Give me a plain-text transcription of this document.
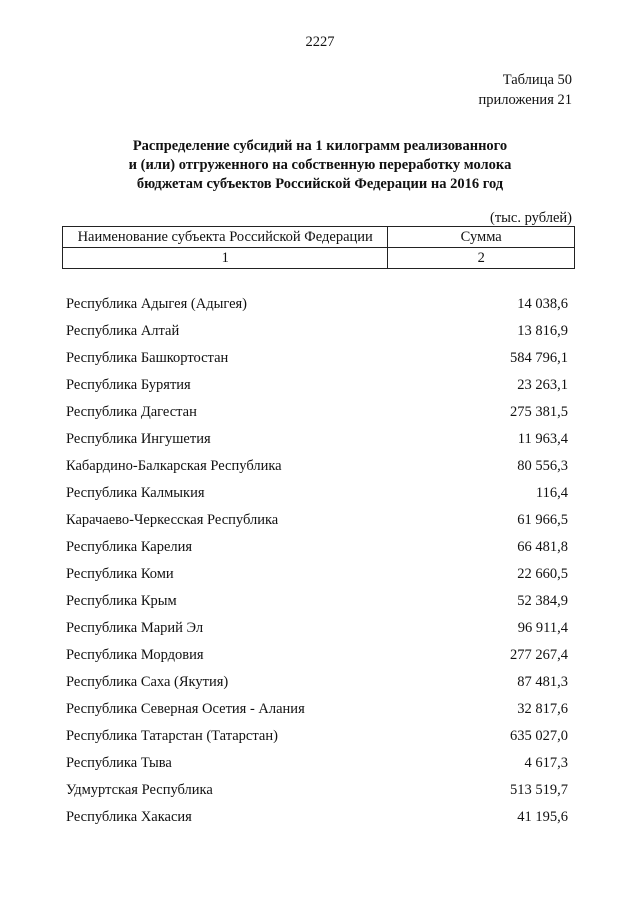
2227
Таблица 50
приложения 21
Распределение субсидий на 1 килограмм реализованного
и (или) отгруженного на собственную переработку молока
бюджетам субъектов Российской Федерации на 2016 год
(тыс. рублей)
Наименование субъекта Российской Федерации	Сумма
1	2
Республика Адыгея (Адыгея)	14 038,6
Республика Алтай	13 816,9
Республика Башкортостан	584 796,1
Республика Бурятия	23 263,1
Республика Дагестан	275 381,5
Республика Ингушетия	11 963,4
Кабардино-Балкарская Республика	80 556,3
Республика Калмыкия	116,4
Карачаево-Черкесская Республика	61 966,5
Республика Карелия	66 481,8
Республика Коми	22 660,5
Республика Крым	52 384,9
Республика Марий Эл	96 911,4
Республика Мордовия	277 267,4
Республика Саха (Якутия)	87 481,3
Республика Северная Осетия - Алания	32 817,6
Республика Татарстан (Татарстан)	635 027,0
Республика Тыва	4 617,3
Удмуртская Республика	513 519,7
Республика Хакасия	41 195,6
